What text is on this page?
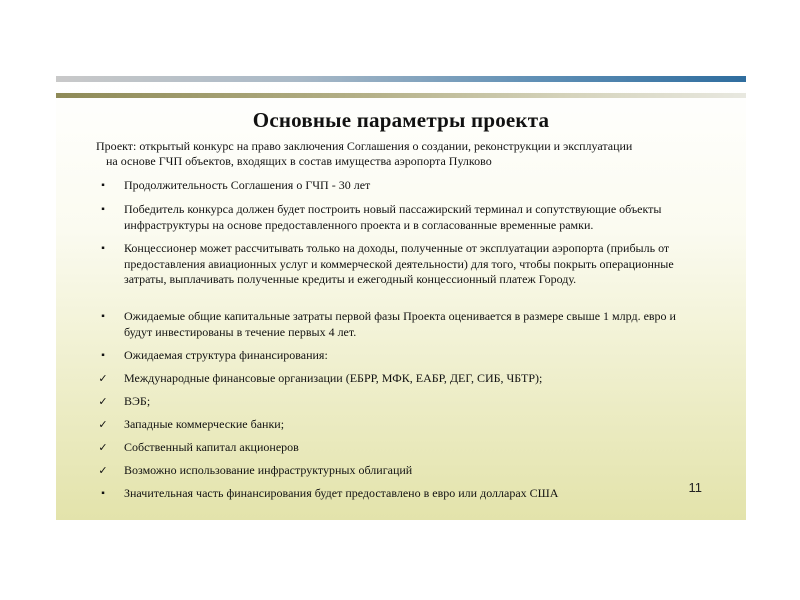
Основные параметры проекта
Проект: открытый конкурс на право заключения Соглашения о создании, реконструкции и эксплуатации
на основе ГЧП объектов, входящих в состав имущества аэропорта Пулково
▪	Продолжительность Соглашения о ГЧП - 30 лет
▪	Победитель конкурса должен будет построить новый пассажирский терминал и сопутствующие объекты инфраструктуры на основе предоставленного проекта и в согласованные временные рамки.
▪	Концессионер может рассчитывать только на доходы, полученные от эксплуатации аэропорта (прибыль от предоставления авиационных услуг и коммерческой деятельности) для того, чтобы покрыть операционные затраты, выплачивать полученные кредиты и ежегодный концессионный платеж Городу.
▪	Ожидаемые общие капитальные затраты первой фазы Проекта оценивается в размере свыше 1 млрд. евро и будут инвестированы в течение первых 4 лет.
▪	Ожидаемая структура финансирования:
✓ Международные финансовые организации (ЕБРР, МФК, ЕАБР, ДЕГ, СИБ, ЧБТР);
✓ ВЭБ;
✓ Западные коммерческие банки;
✓ Собственный капитал акционеров
✓ Возможно использование инфраструктурных облигаций
▪	Значительная часть финансирования будет предоставлено в евро или долларах США	11
